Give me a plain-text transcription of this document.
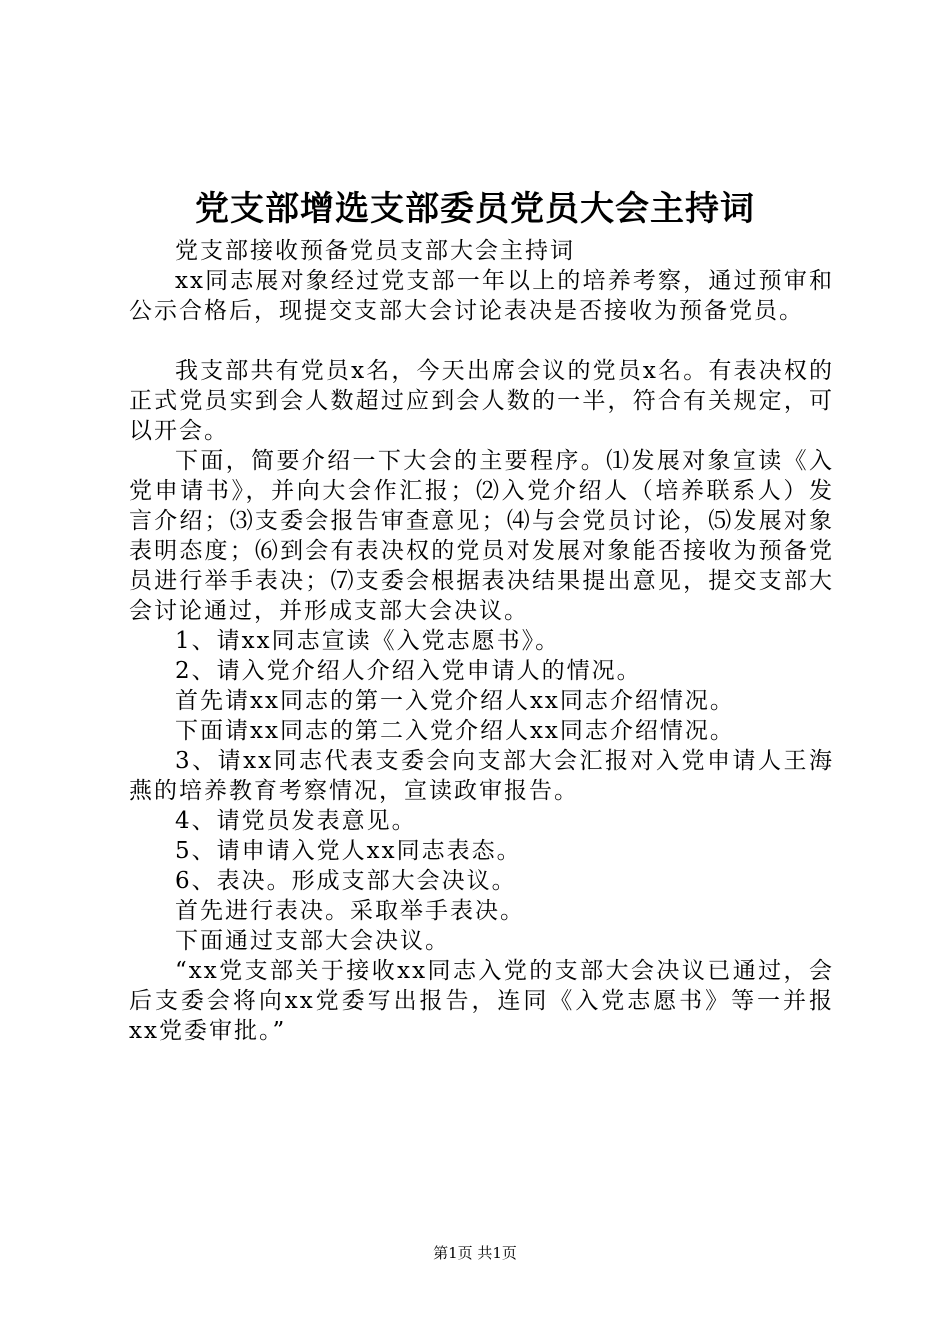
党支部增选支部委员党员大会主持词

党支部接收预备党员支部大会主持词

xx同志展对象经过党支部一年以上的培养考察，通过预审和公示合格后，现提交支部大会讨论表决是否接收为预备党员。

我支部共有党员x名，今天出席会议的党员x名。有表决权的正式党员实到会人数超过应到会人数的一半，符合有关规定，可以开会。

下面，简要介绍一下大会的主要程序。⑴发展对象宣读《入党申请书》，并向大会作汇报；⑵入党介绍人（培养联系人）发言介绍；⑶支委会报告审查意见；⑷与会党员讨论，⑸发展对象表明态度；⑹到会有表决权的党员对发展对象能否接收为预备党员进行举手表决；⑺支委会根据表决结果提出意见，提交支部大会讨论通过，并形成支部大会决议。

1、请xx同志宣读《入党志愿书》。

2、请入党介绍人介绍入党申请人的情况。

首先请xx同志的第一入党介绍人xx同志介绍情况。

下面请xx同志的第二入党介绍人xx同志介绍情况。

3、请xx同志代表支委会向支部大会汇报对入党申请人王海燕的培养教育考察情况，宣读政审报告。

4、请党员发表意见。

5、请申请入党人xx同志表态。

6、表决。形成支部大会决议。

首先进行表决。采取举手表决。

下面通过支部大会决议。

“xx党支部关于接收xx同志入党的支部大会决议已通过，会后支委会将向xx党委写出报告，连同《入党志愿书》等一并报xx党委审批。”

第1页 共1页
